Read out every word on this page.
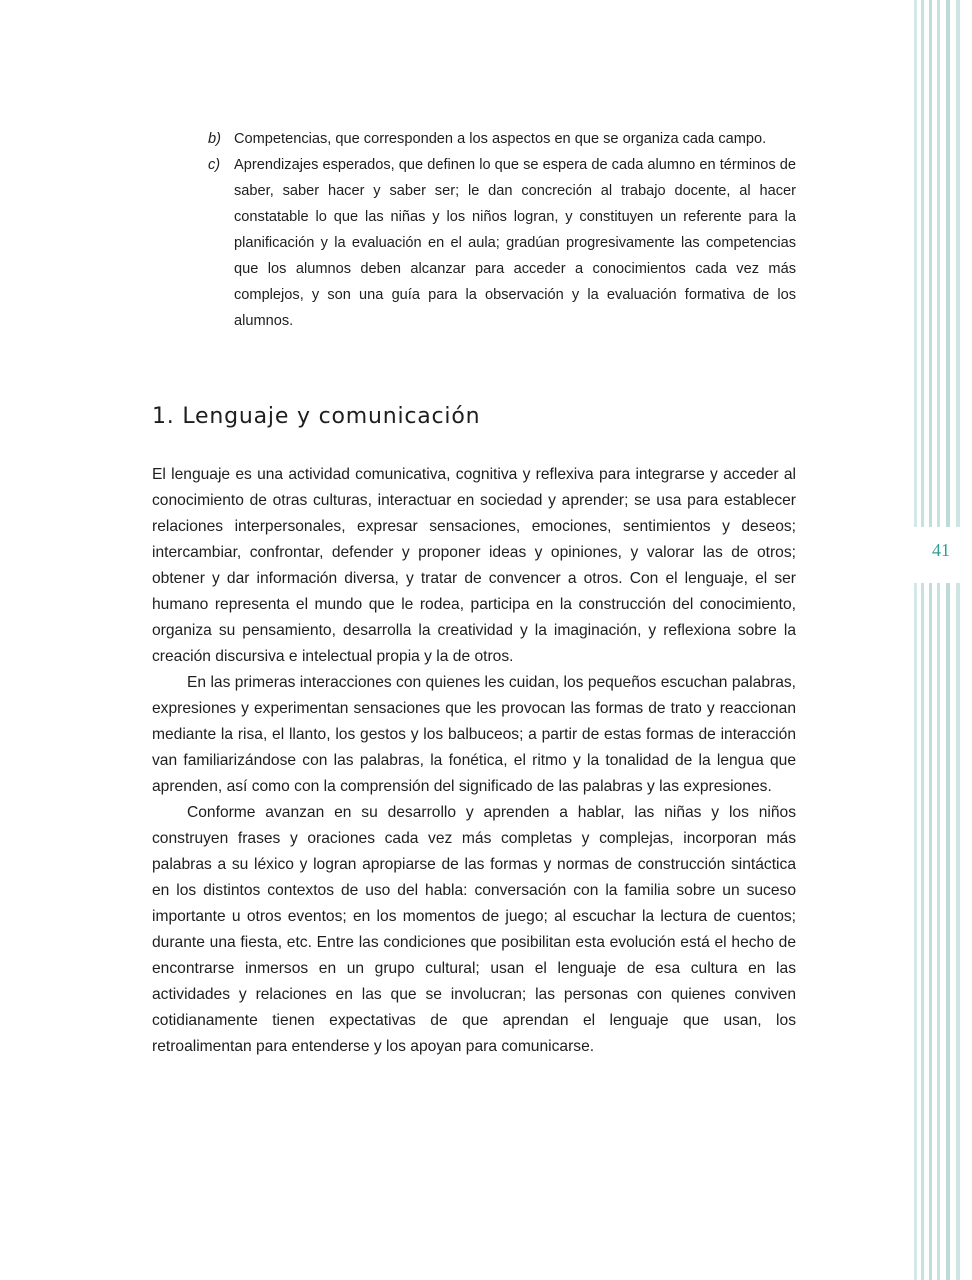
41
b) Competencias, que corresponden a los aspectos en que se organiza cada campo.
c) Aprendizajes esperados, que definen lo que se espera de cada alumno en términos de saber, saber hacer y saber ser; le dan concreción al trabajo docente, al hacer constatable lo que las niñas y los niños logran, y constituyen un referente para la planificación y la evaluación en el aula; gradúan progresivamente las competencias que los alumnos deben alcanzar para acceder a conocimientos cada vez más complejos, y son una guía para la observación y la evaluación formativa de los alumnos.
1. Lenguaje y comunicación

El lenguaje es una actividad comunicativa, cognitiva y reflexiva para integrarse y acceder al conocimiento de otras culturas, interactuar en sociedad y aprender; se usa para establecer relaciones interpersonales, expresar sensaciones, emociones, sentimientos y deseos; intercambiar, confrontar, defender y proponer ideas y opiniones, y valorar las de otros; obtener y dar información diversa, y tratar de convencer a otros. Con el lenguaje, el ser humano representa el mundo que le rodea, participa en la construcción del conocimiento, organiza su pensamiento, desarrolla la creatividad y la imaginación, y reflexiona sobre la creación discursiva e intelectual propia y la de otros.

En las primeras interacciones con quienes les cuidan, los pequeños escuchan palabras, expresiones y experimentan sensaciones que les provocan las formas de trato y reaccionan mediante la risa, el llanto, los gestos y los balbuceos; a partir de estas formas de interacción van familiarizándose con las palabras, la fonética, el ritmo y la tonalidad de la lengua que aprenden, así como con la comprensión del significado de las palabras y las expresiones.

Conforme avanzan en su desarrollo y aprenden a hablar, las niñas y los niños construyen frases y oraciones cada vez más completas y complejas, incorporan más palabras a su léxico y logran apropiarse de las formas y normas de construcción sintáctica en los distintos contextos de uso del habla: conversación con la familia sobre un suceso importante u otros eventos; en los momentos de juego; al escuchar la lectura de cuentos; durante una fiesta, etc. Entre las condiciones que posibilitan esta evolución está el hecho de encontrarse inmersos en un grupo cultural; usan el lenguaje de esa cultura en las actividades y relaciones en las que se involucran; las personas con quienes conviven cotidianamente tienen expectativas de que aprendan el lenguaje que usan, los retroalimentan para entenderse y los apoyan para comunicarse.
